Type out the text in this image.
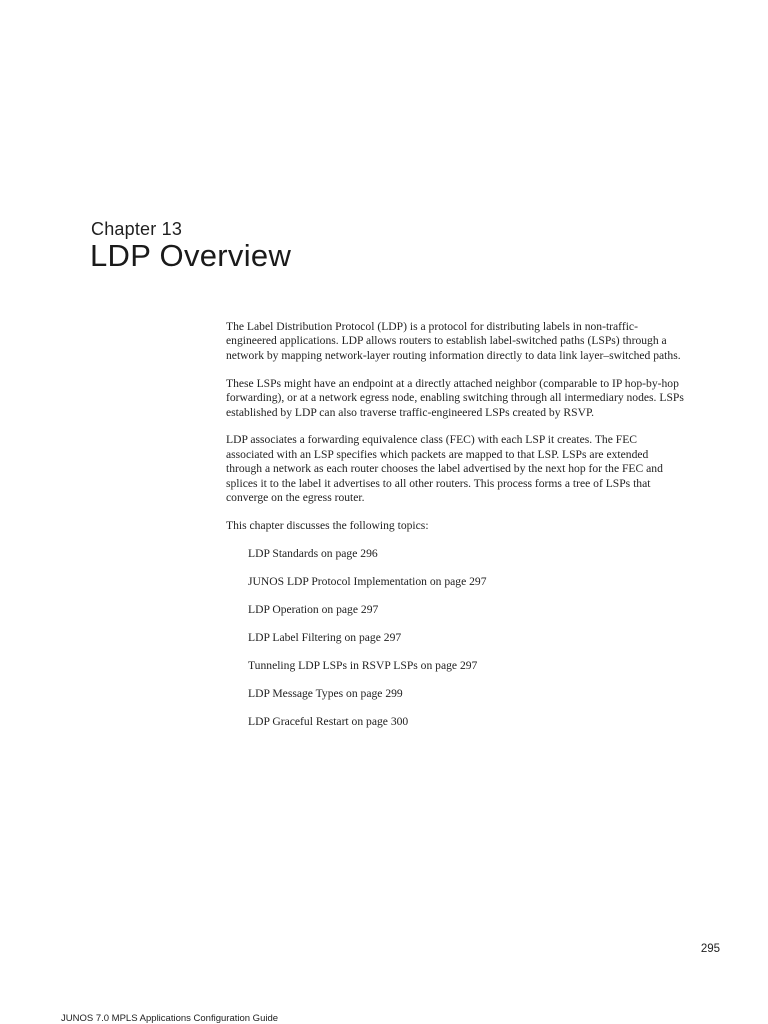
Chapter 13
LDP Overview

The Label Distribution Protocol (LDP) is a protocol for distributing labels in non-traffic-engineered applications. LDP allows routers to establish label-switched paths (LSPs) through a network by mapping network-layer routing information directly to data link layer–switched paths.

These LSPs might have an endpoint at a directly attached neighbor (comparable to IP hop-by-hop forwarding), or at a network egress node, enabling switching through all intermediary nodes. LSPs established by LDP can also traverse traffic-engineered LSPs created by RSVP.

LDP associates a forwarding equivalence class (FEC) with each LSP it creates. The FEC associated with an LSP specifies which packets are mapped to that LSP. LSPs are extended through a network as each router chooses the label advertised by the next hop for the FEC and splices it to the label it advertises to all other routers. This process forms a tree of LSPs that converge on the egress router.

This chapter discusses the following topics:

LDP Standards on page 296
JUNOS LDP Protocol Implementation on page 297
LDP Operation on page 297
LDP Label Filtering on page 297
Tunneling LDP LSPs in RSVP LSPs on page 297
LDP Message Types on page 299
LDP Graceful Restart on page 300
295
JUNOS 7.0 MPLS Applications Configuration Guide
